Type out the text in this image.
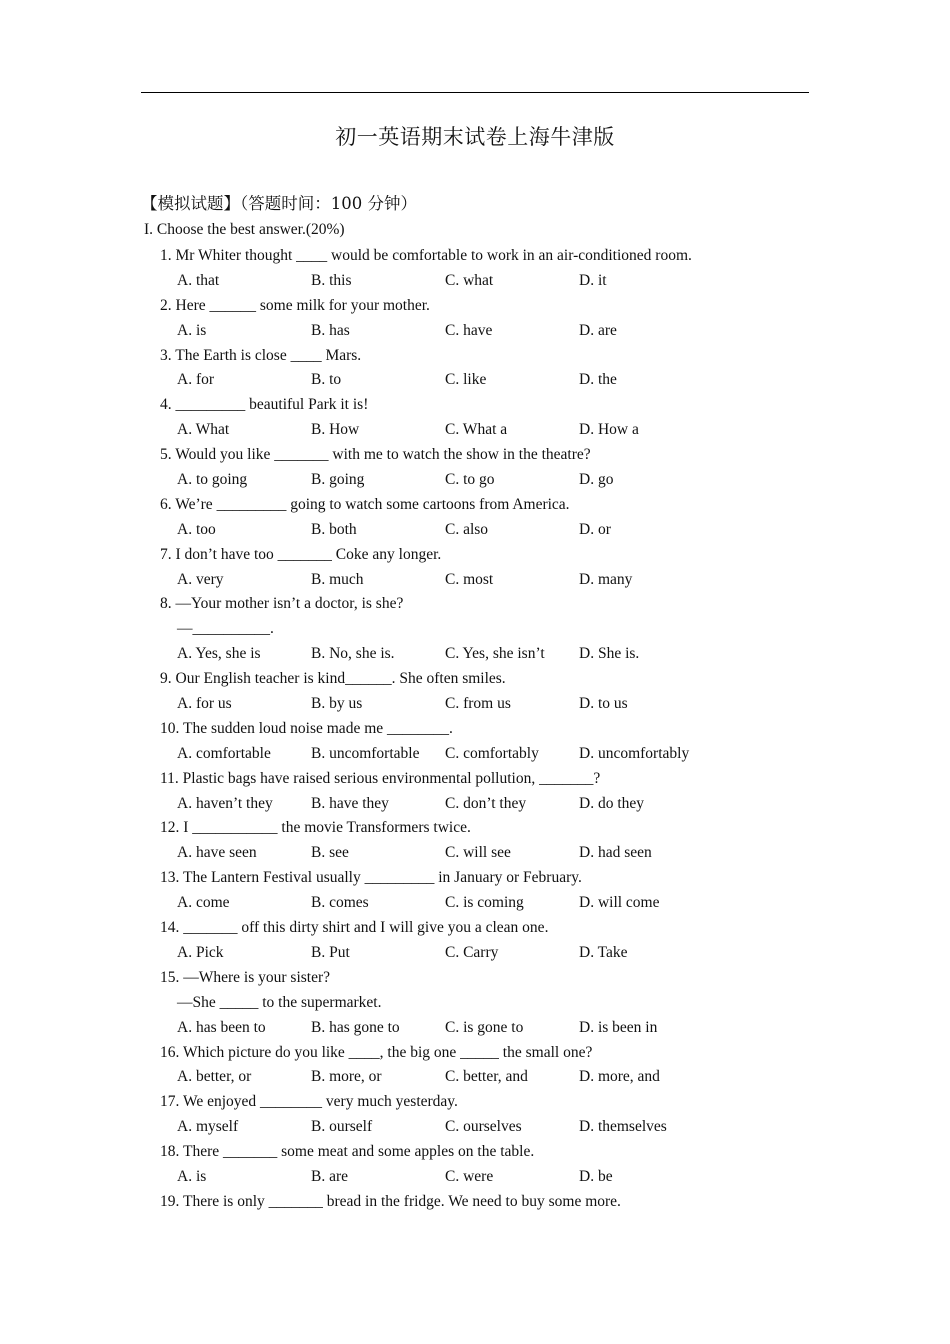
初一英语期末试卷上海牛津版
【模拟试题】（答题时间：100 分钟）
I. Choose the best answer.(20%)
1. Mr Whiter thought ____ would be comfortable to work in an air-conditioned room.
A. that	B. this	C. what	D. it
2. Here ______ some milk for your mother.
A. is	B. has	C. have	D. are
3. The Earth is close ____ Mars.
A. for	B. to	C. like	D. the
4. _________ beautiful Park it is!
A. What	B. How	C. What a	D. How a
5. Would you like _______ with me to watch the show in the theatre?
A. to going	B. going	C. to go	D. go
6. We’re _________ going to watch some cartoons from America.
A. too	B. both	C. also	D. or
7. I don’t have too _______ Coke any longer.
A. very	B. much	C. most	D. many
8. —Your mother isn’t a doctor, is she?
—__________.
A. Yes, she is	B. No, she is.	C. Yes, she isn’t D. She is.
9. Our English teacher is kind______. She often smiles.
A. for us	B. by us	C. from us	D. to us
10. The sudden loud noise made me ________.
A. comfortable	B. uncomfortable C. comfortably	D. uncomfortably
11. Plastic bags have raised serious environmental pollution, _______?
A. haven’t they B. have they	C. don’t they	D. do they
12. I ___________ the movie Transformers twice.
A. have seen	B. see	C. will see	D. had seen
13. The Lantern Festival usually _________ in January or February.
A. come	B. comes	C. is coming	D. will come
14. _______ off this dirty shirt and I will give you a clean one.
A. Pick	B. Put	C. Carry	D. Take
15. —Where is your sister?
—She _____ to the supermarket.
A. has been to	B. has gone to	C. is gone to	D. is been in
16. Which picture do you like ____, the big one _____ the small one?
A. better, or	B. more, or	C. better, and	D. more, and
17. We enjoyed ________ very much yesterday.
A. myself	B. ourself	C. ourselves	D. themselves
18. There _______ some meat and some apples on the table.
A. is	B. are	C. were	D. be
19. There is only _______ bread in the fridge. We need to buy some more.
